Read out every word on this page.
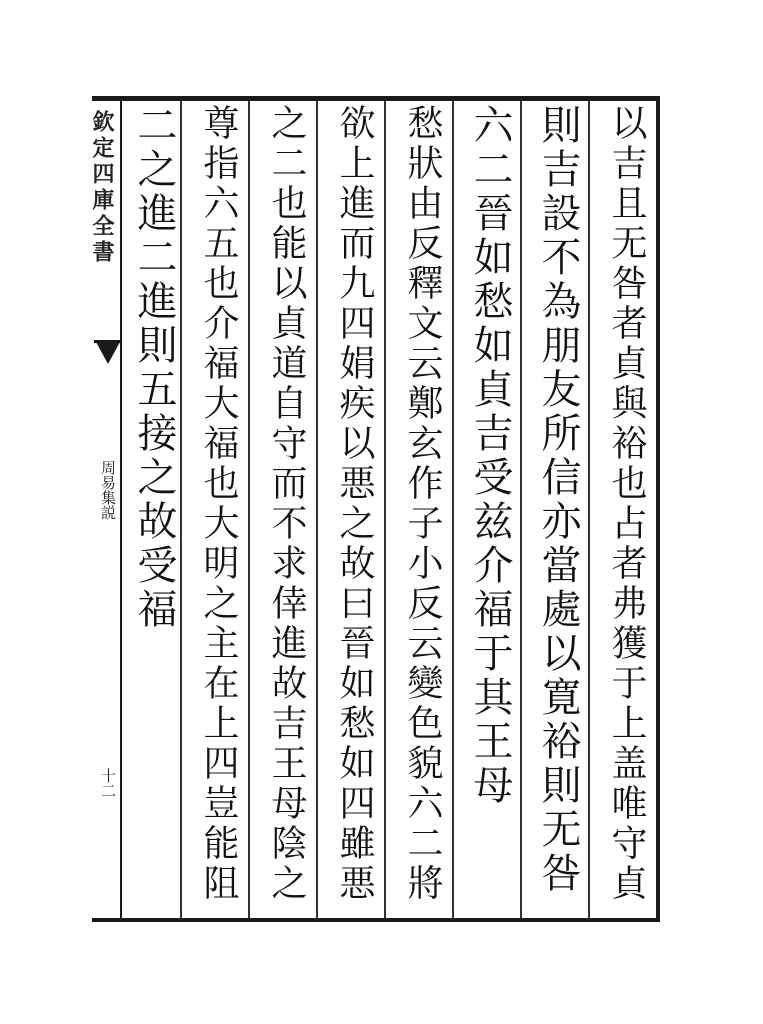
欽定四庫全書
周易集説
十二	以吉且无咎者貞與裕也占者弗獲于上盖唯守貞
則吉設不為朋友所信亦當處以寛裕則无咎
六二晉如愁如貞吉受兹介福于其王母
愁狀由反釋文云鄭玄作子小反云變色貌六二將
欲上進而九四娟疾以悪之故曰晉如愁如四雖悪
之二也能以貞道自守而不求倖進故吉王母陰之
尊指六五也介福大福也大明之主在上四豈能阻
二之進二進則五接之故受福
